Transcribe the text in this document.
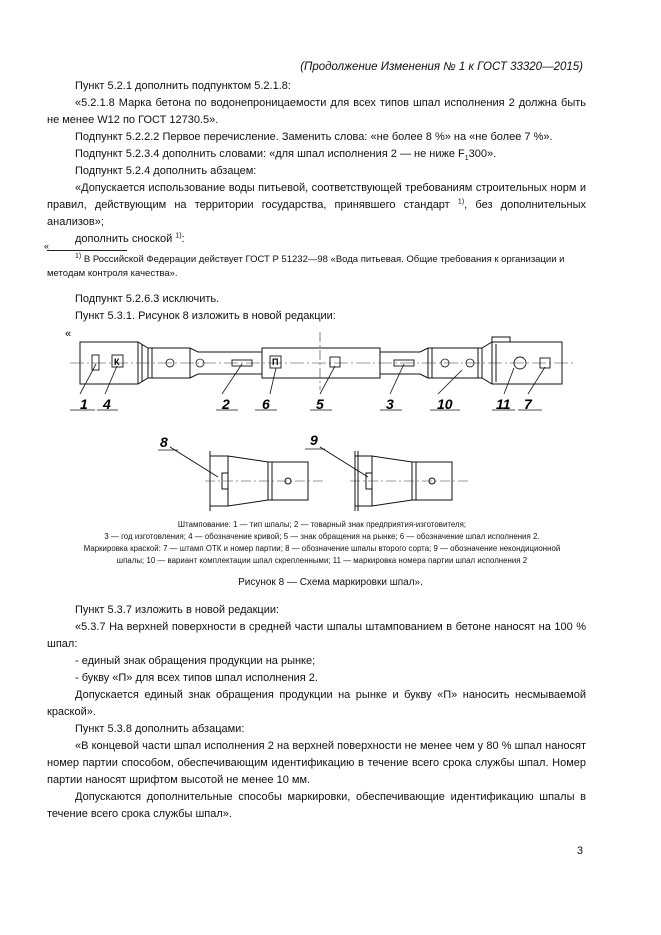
(Продолжение Изменения № 1 к ГОСТ 33320—2015)

Пункт 5.2.1 дополнить подпунктом 5.2.1.8:

«5.2.1.8 Марка бетона по водонепроницаемости для всех типов шпал исполнения 2 должна быть не менее W12 по ГОСТ 12730.5».

Подпункт 5.2.2.2 Первое перечисление. Заменить слова: «не более 8 %» на «не более 7 %».

Подпункт 5.2.3.4 дополнить словами: «для шпал исполнения 2 — не ниже $F_1300$».

Подпункт 5.2.4 дополнить абзацем:

«Допускается использование воды питьевой, соответствующей требованиям строительных норм и правил, действующим на территории государства, принявшего стандарт $^{1)}$, без дополнительных анализов»;

дополнить сноской $^{1)}$:

«
$^{1)}$ В Российской Федерации действует ГОСТ Р 51232—98 «Вода питьевая. Общие требования к организации и методам контроля качества».

Подпункт 5.2.6.3 исключить.

Пункт 5.3.1. Рисунок 8 изложить в новой редакции:

«
К	П
1 4	2 6	5	3	10	11 7
8	9
Штампование: 1 — тип шпалы; 2 — товарный знак предприятия-изготовителя;
3 — год изготовления; 4 — обозначение кривой; 5 — знак обращения на рынке; 6 — обозначение шпал исполнения 2.
Маркировка краской: 7 — штамп ОТК и номер партии; 8 — обозначение шпалы второго сорта; 9 — обозначение некондиционной
шпалы; 10 — вариант комплектации шпал скрепленными; 11 — маркировка номера партии шпал исполнения 2
Рисунок 8 — Схема маркировки шпал».

Пункт 5.3.7 изложить в новой редакции:

«5.3.7 На верхней поверхности в средней части шпалы штампованием в бетоне наносят на 100 % шпал:

- единый знак обращения продукции на рынке;

- букву «П» для всех типов шпал исполнения 2.

Допускается единый знак обращения продукции на рынке и букву «П» наносить несмываемой краской».

Пункт 5.3.8 дополнить абзацами:

«В концевой части шпал исполнения 2 на верхней поверхности не менее чем у 80 % шпал наносят номер партии способом, обеспечивающим идентификацию в течение всего срока службы шпал. Номер партии наносят шрифтом высотой не менее 10 мм.

Допускаются дополнительные способы маркировки, обеспечивающие идентификацию шпалы в течение всего срока службы шпал».

3
